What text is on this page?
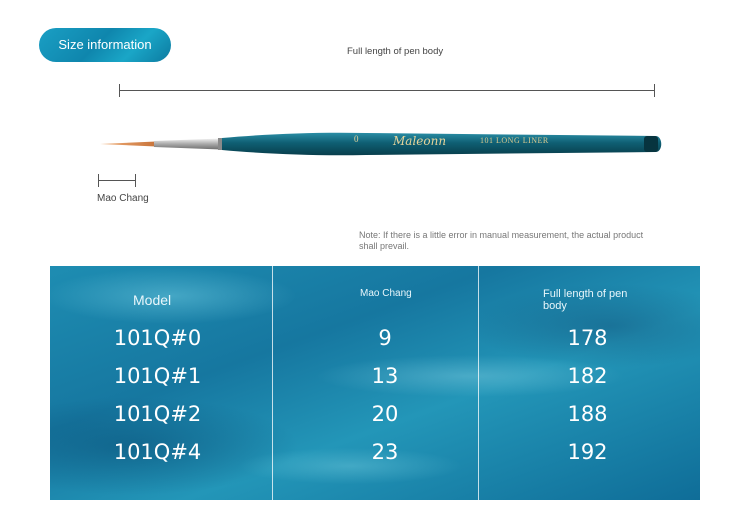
Size information	Full length of pen body
Maleonn	101 LONG LINER
0
Mao Chang
Note: If there is a little error in manual measurement, the actual product shall prevail.
Model	Mao Chang	Full length of pen body
101Q#0	9	178
101Q#1	13	182
101Q#2	20	188
101Q#4	23	192
